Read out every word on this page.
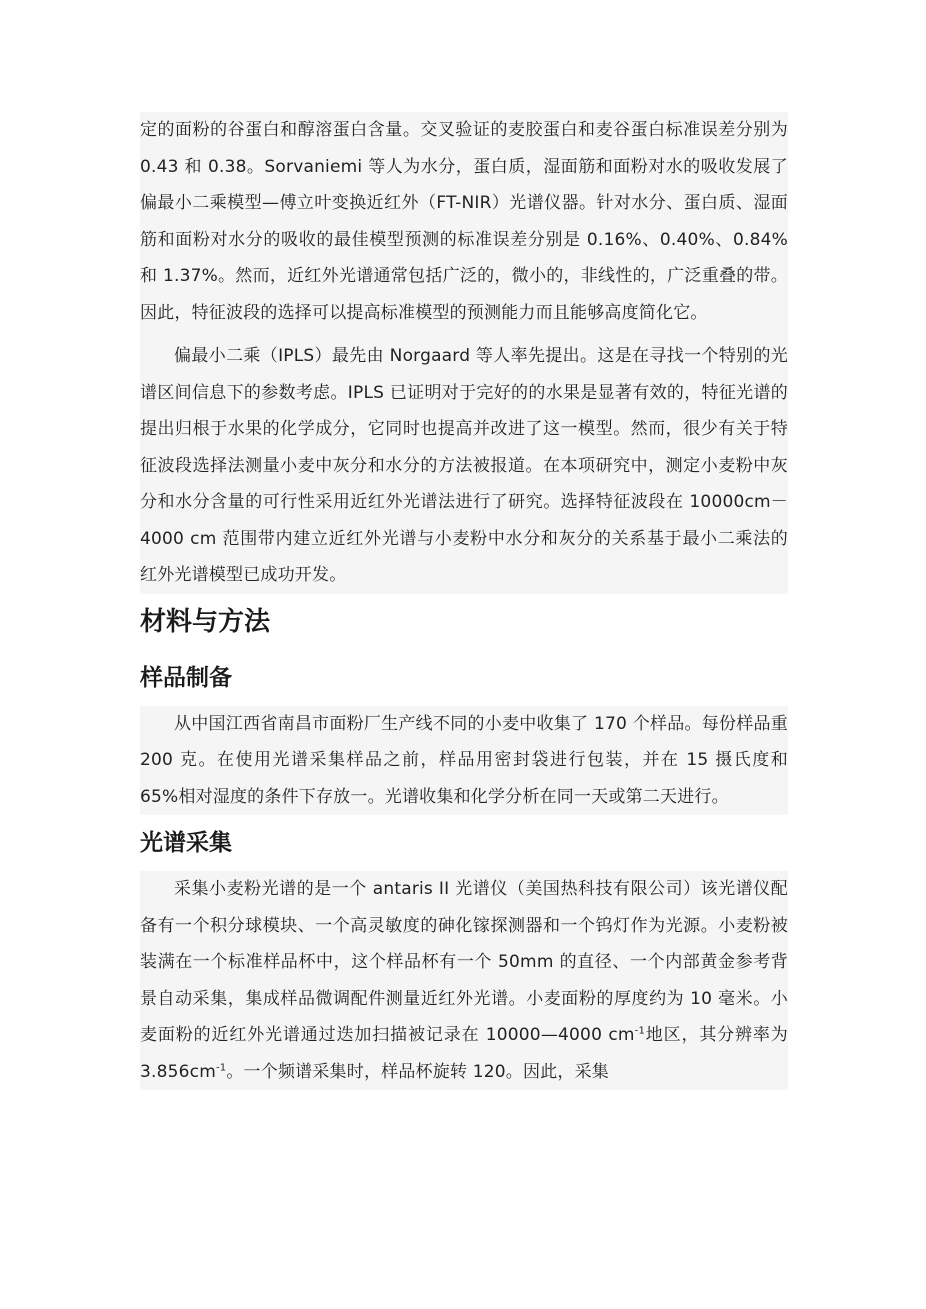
定的面粉的谷蛋白和醇溶蛋白含量。交叉验证的麦胶蛋白和麦谷蛋白标准误差分别为 0.43 和 0.38。Sorvaniemi 等人为水分，蛋白质，湿面筋和面粉对水的吸收发展了偏最小二乘模型—傅立叶变换近红外（FT-NIR）光谱仪器。针对水分、蛋白质、湿面筋和面粉对水分的吸收的最佳模型预测的标准误差分别是 0.16%、0.40%、0.84%和 1.37%。然而，近红外光谱通常包括广泛的，微小的，非线性的，广泛重叠的带。因此，特征波段的选择可以提高标准模型的预测能力而且能够高度简化它。

偏最小二乘（IPLS）最先由 Norgaard 等人率先提出。这是在寻找一个特别的光谱区间信息下的参数考虑。IPLS 已证明对于完好的的水果是显著有效的，特征光谱的提出归根于水果的化学成分，它同时也提高并改进了这一模型。然而，很少有关于特征波段选择法测量小麦中灰分和水分的方法被报道。在本项研究中，测定小麦粉中灰分和水分含量的可行性采用近红外光谱法进行了研究。选择特征波段在 10000cm－4000 cm 范围带内建立近红外光谱与小麦粉中水分和灰分的关系基于最小二乘法的红外光谱模型已成功开发。

材料与方法
样品制备

从中国江西省南昌市面粉厂生产线不同的小麦中收集了 170 个样品。每份样品重 200 克。在使用光谱采集样品之前，样品用密封袋进行包装，并在 15 摄氏度和 65%相对湿度的条件下存放一。光谱收集和化学分析在同一天或第二天进行。

光谱采集

采集小麦粉光谱的是一个 antaris II 光谱仪（美国热科技有限公司）该光谱仪配备有一个积分球模块、一个高灵敏度的砷化镓探测器和一个钨灯作为光源。小麦粉被装满在一个标准样品杯中，这个样品杯有一个 50mm 的直径、一个内部黄金参考背景自动采集，集成样品微调配件测量近红外光谱。小麦面粉的厚度约为 10 毫米。小麦面粉的近红外光谱通过迭加扫描被记录在 10000—4000 $cm^{-1}$地区，其分辨率为 $3.856cm^{-1}$。一个频谱采集时，样品杯旋转 120。因此，采集
